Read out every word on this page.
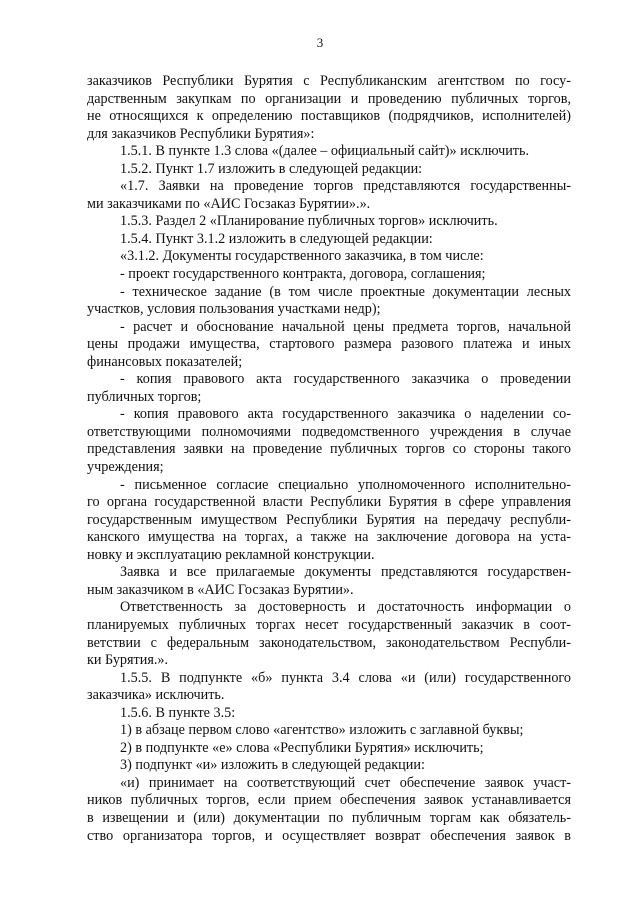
3
заказчиков Республики Бурятия с Республиканским агентством по госу-
дарственным закупкам по организации и проведению публичных торгов,
не относящихся к определению поставщиков (подрядчиков, исполнителей)
для заказчиков Республики Бурятия»:
1.5.1. В пункте 1.3 слова «(далее – официальный сайт)» исключить.
1.5.2. Пункт 1.7 изложить в следующей редакции:
«1.7. Заявки на проведение торгов представляются государственны-
ми заказчиками по «АИС Госзаказ Бурятии».».
1.5.3. Раздел 2 «Планирование публичных торгов» исключить.
1.5.4. Пункт 3.1.2 изложить в следующей редакции:
«3.1.2. Документы государственного заказчика, в том числе:
- проект государственного контракта, договора, соглашения;
- техническое задание (в том числе проектные документации лесных
участков, условия пользования участками недр);
- расчет и обоснование начальной цены предмета торгов, начальной
цены продажи имущества, стартового размера разового платежа и иных
финансовых показателей;
- копия правового акта государственного заказчика о проведении
публичных торгов;
- копия правового акта государственного заказчика о наделении со-
ответствующими полномочиями подведомственного учреждения в случае
представления заявки на проведение публичных торгов со стороны такого
учреждения;
- письменное согласие специально уполномоченного исполнительно-
го органа государственной власти Республики Бурятия в сфере управления
государственным имуществом Республики Бурятия на передачу республи-
канского имущества на торгах, а также на заключение договора на уста-
новку и эксплуатацию рекламной конструкции.
Заявка и все прилагаемые документы представляются государствен-
ным заказчиком в «АИС Госзаказ Бурятии».
Ответственность за достоверность и достаточность информации о
планируемых публичных торгах несет государственный заказчик в соот-
ветствии с федеральным законодательством, законодательством Республи-
ки Бурятия.».
1.5.5. В подпункте «б» пункта 3.4 слова «и (или) государственного
заказчика» исключить.
1.5.6. В пункте 3.5:
1) в абзаце первом слово «агентство» изложить с заглавной буквы;
2) в подпункте «е» слова «Республики Бурятия» исключить;
3) подпункт «и» изложить в следующей редакции:
«и) принимает на соответствующий счет обеспечение заявок участ-
ников публичных торгов, если прием обеспечения заявок устанавливается
в извещении и (или) документации по публичным торгам как обязатель-
ство организатора торгов, и осуществляет возврат обеспечения заявок в
